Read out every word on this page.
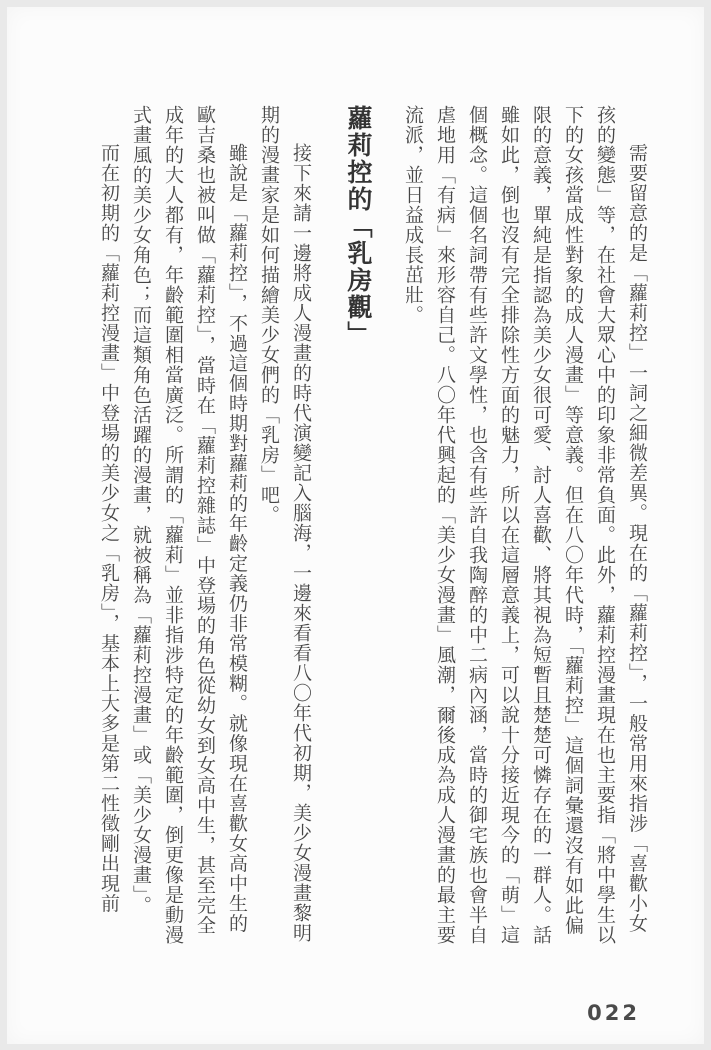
需要留意的是「蘿莉控」一詞之細微差異。現在的「蘿莉控」，一般常用來指涉「喜歡小女孩的變態」等，在社會大眾心中的印象非常負面。此外，蘿莉控漫畫現在也主要指「將中學生以下的女孩當成性對象的成人漫畫」等意義。但在八〇年代時，「蘿莉控」這個詞彙還沒有如此偏限的意義，單純是指認為美少女很可愛、討人喜歡、將其視為短暫且楚楚可憐存在的一群人。話雖如此，倒也沒有完全排除性方面的魅力，所以在這層意義上，可以說十分接近現今的「萌」這個概念。這個名詞帶有些許文學性，也含有些許自我陶醉的中二病內涵，當時的御宅族也會半自虐地用「有病」來形容自己。八〇年代興起的「美少女漫畫」風潮，爾後成為成人漫畫的最主要流派，並日益成長茁壯。

蘿莉控的「乳房觀」

接下來請一邊將成人漫畫的時代演變記入腦海，一邊來看看八〇年代初期，美少女漫畫黎明期的漫畫家是如何描繪美少女們的「乳房」吧。

雖說是「蘿莉控」，不過這個時期對蘿莉的年齡定義仍非常模糊。就像現在喜歡女高中生的歐吉桑也被叫做「蘿莉控」，當時在「蘿莉控雜誌」中登場的角色從幼女到女高中生，甚至完全成年的大人都有，年齡範圍相當廣泛。所謂的「蘿莉」並非指涉特定的年齡範圍，倒更像是動漫式畫風的美少女角色；而這類角色活躍的漫畫，就被稱為「蘿莉控漫畫」或「美少女漫畫」。

而在初期的「蘿莉控漫畫」中登場的美少女之「乳房」，基本上大多是第二性徵剛出現前

022
